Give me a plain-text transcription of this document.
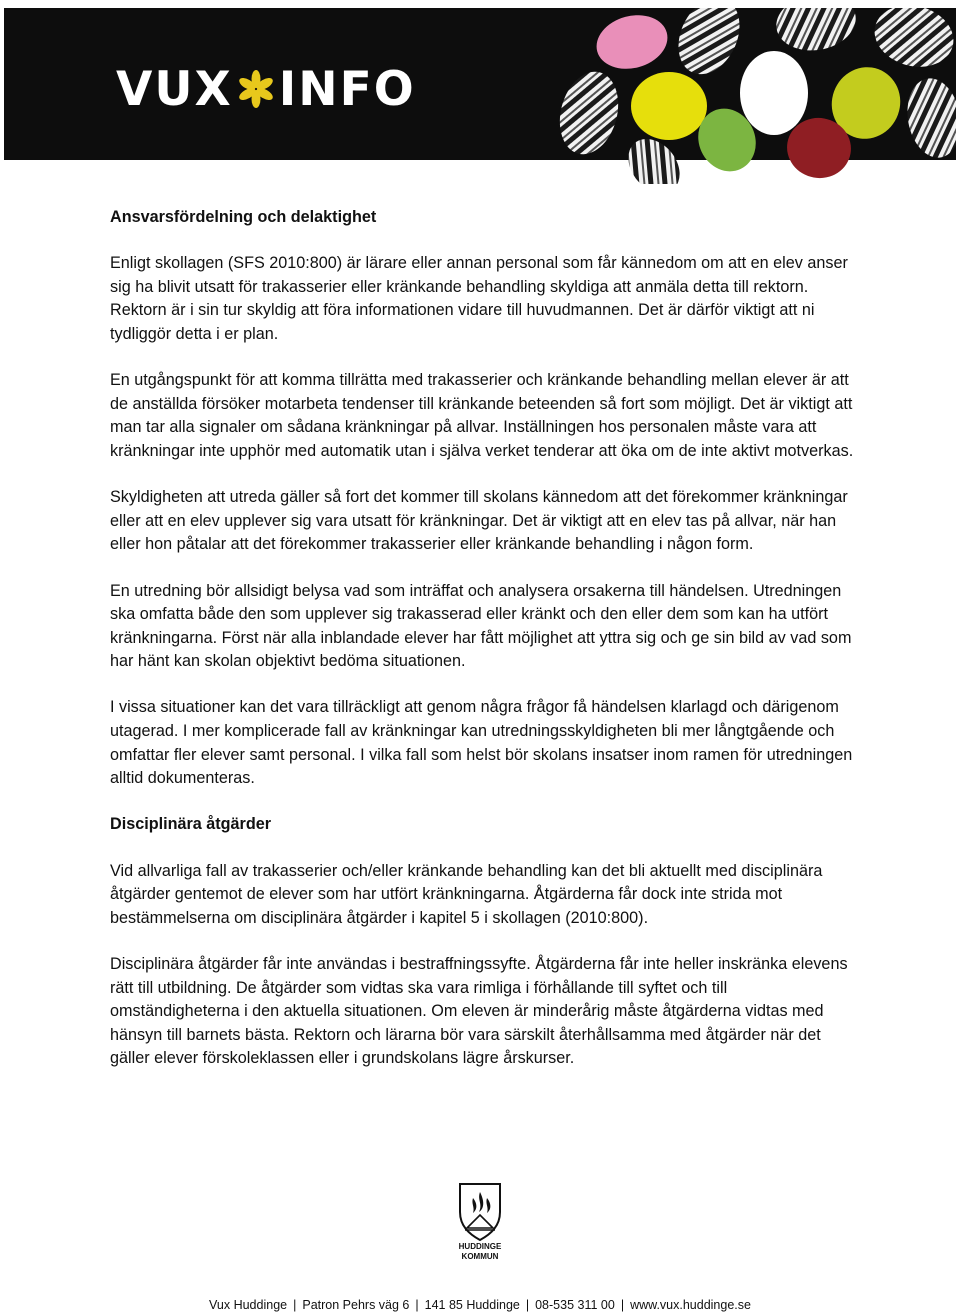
VUX INFO
Ansvarsfördelning och delaktighet

Enligt skollagen (SFS 2010:800) är lärare eller annan personal som får kännedom om att en elev anser sig ha blivit utsatt för trakasserier eller kränkande behandling skyldiga att anmäla detta till rektorn. Rektorn är i sin tur skyldig att föra informationen vidare till huvudmannen. Det är därför viktigt att ni tydliggör detta i er plan.

En utgångspunkt för att komma tillrätta med trakasserier och kränkande behandling mellan elever är att de anställda försöker motarbeta tendenser till kränkande beteenden så fort som möjligt. Det är viktigt att man tar alla signaler om sådana kränkningar på allvar. Inställningen hos personalen måste vara att kränkningar inte upphör med automatik utan i själva verket tenderar att öka om de inte aktivt motverkas.

Skyldigheten att utreda gäller så fort det kommer till skolans kännedom att det förekommer kränkningar eller att en elev upplever sig vara utsatt för kränkningar. Det är viktigt att en elev tas på allvar, när han eller hon påtalar att det förekommer trakasserier eller kränkande behandling i någon form.

En utredning bör allsidigt belysa vad som inträffat och analysera orsakerna till händelsen. Utredningen ska omfatta både den som upplever sig trakasserad eller kränkt och den eller dem som kan ha utfört kränkningarna. Först när alla inblandade elever har fått möjlighet att yttra sig och ge sin bild av vad som har hänt kan skolan objektivt bedöma situationen.

I vissa situationer kan det vara tillräckligt att genom några frågor få händelsen klarlagd och därigenom utagerad. I mer komplicerade fall av kränkningar kan utredningsskyldigheten bli mer långtgående och omfattar fler elever samt personal. I vilka fall som helst bör skolans insatser inom ramen för utredningen alltid dokumenteras.

Disciplinära åtgärder

Vid allvarliga fall av trakasserier och/eller kränkande behandling kan det bli aktuellt med disciplinära åtgärder gentemot de elever som har utfört kränkningarna. Åtgärderna får dock inte strida mot bestämmelserna om disciplinära åtgärder i kapitel 5 i skollagen (2010:800).

Disciplinära åtgärder får inte användas i bestraffningssyfte. Åtgärderna får inte heller inskränka elevens rätt till utbildning. De åtgärder som vidtas ska vara rimliga i förhållande till syftet och till omständigheterna i den aktuella situationen. Om eleven är minderårig måste åtgärderna vidtas med hänsyn till barnets bästa. Rektorn och lärarna bör vara särskilt återhållsamma med åtgärder när det gäller elever förskoleklassen eller i grundskolans lägre årskurser.

HUDDINGE
KOMMUN
Vux Huddinge | Patron Pehrs väg 6 | 141 85 Huddinge | 08-535 311 00 | www.vux.huddinge.se
